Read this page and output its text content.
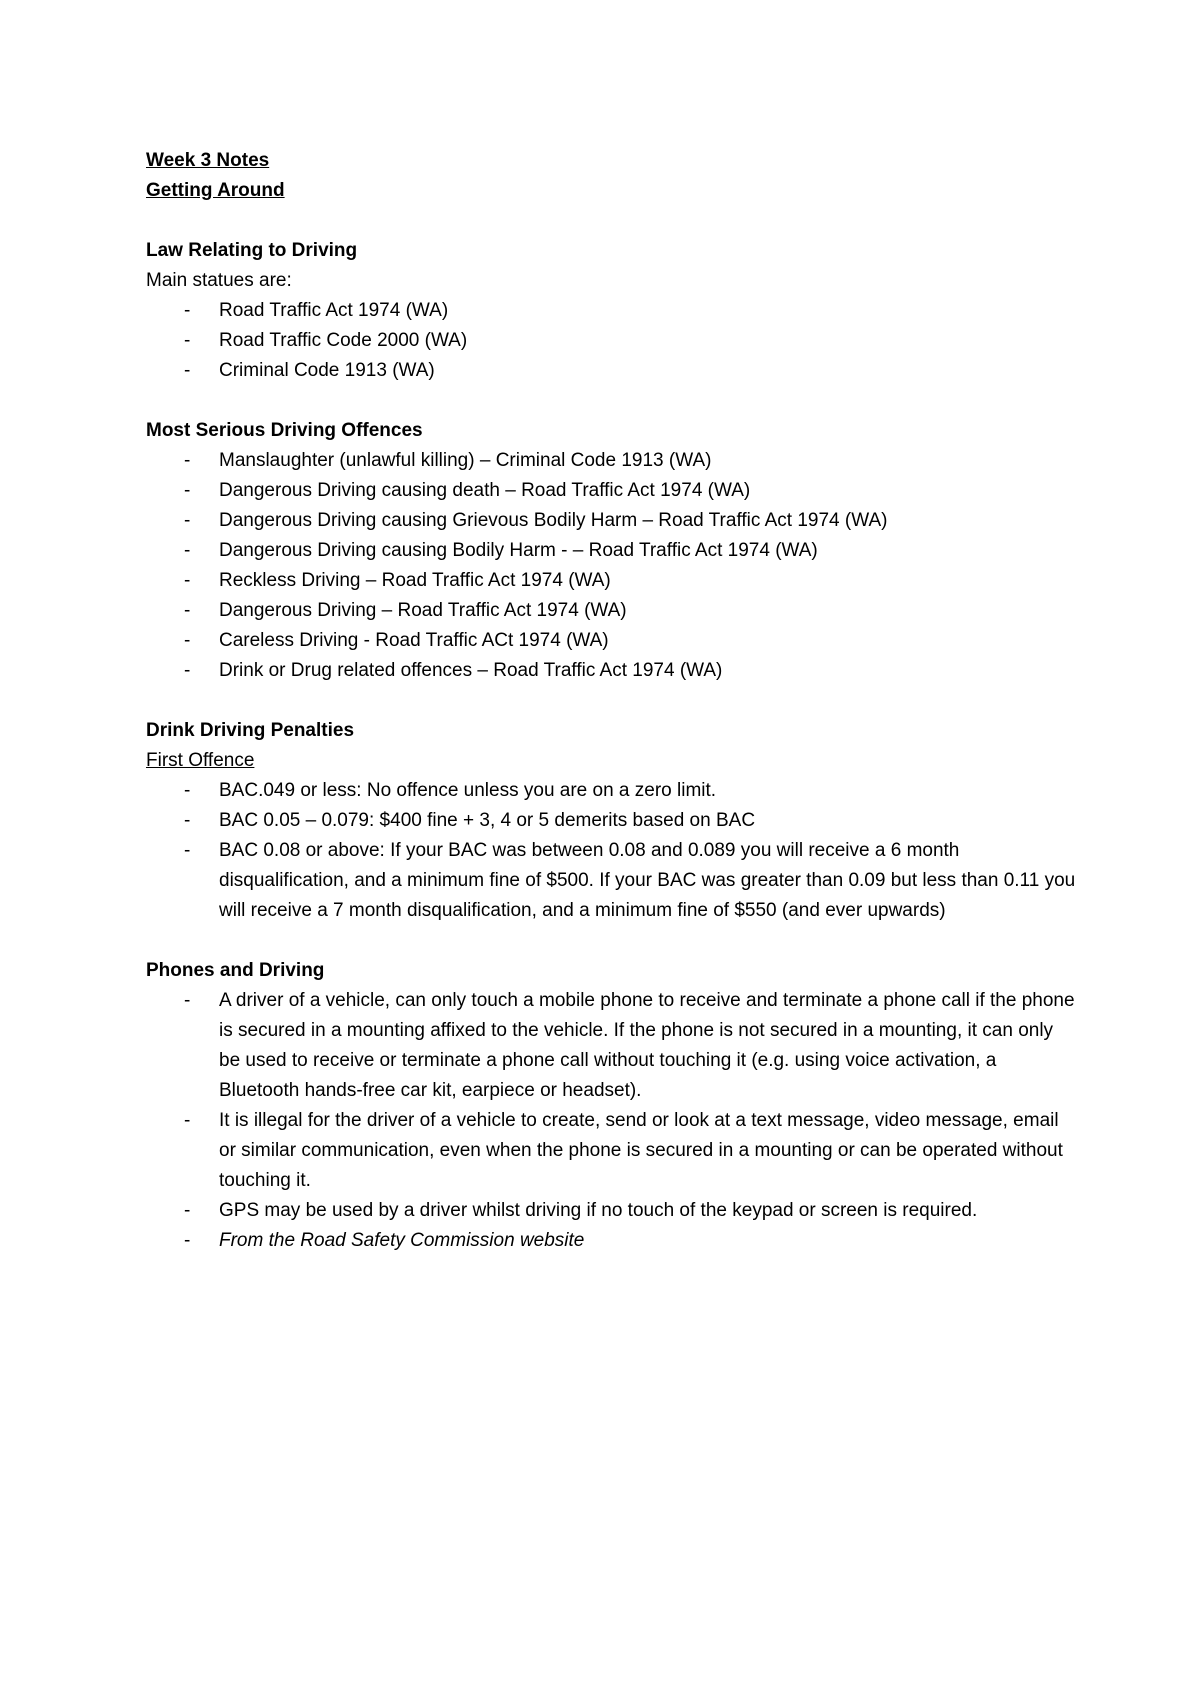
Week 3 Notes
Getting Around
Law Relating to Driving
Main statues are:
- Road Traffic Act 1974 (WA)
- Road Traffic Code 2000 (WA)
- Criminal Code 1913 (WA)
Most Serious Driving Offences
- Manslaughter (unlawful killing) – Criminal Code 1913 (WA)
- Dangerous Driving causing death – Road Traffic Act 1974 (WA)
- Dangerous Driving causing Grievous Bodily Harm – Road Traffic Act 1974 (WA)
- Dangerous Driving causing Bodily Harm - – Road Traffic Act 1974 (WA)
- Reckless Driving – Road Traffic Act 1974 (WA)
- Dangerous Driving – Road Traffic Act 1974 (WA)
- Careless Driving - Road Traffic ACt 1974 (WA)
- Drink or Drug related offences – Road Traffic Act 1974 (WA)
Drink Driving Penalties
First Offence
- BAC.049 or less: No offence unless you are on a zero limit.
- BAC 0.05 – 0.079: $400 fine + 3, 4 or 5 demerits based on BAC
- BAC 0.08 or above: If your BAC was between 0.08 and 0.089 you will receive a 6 month disqualification, and a minimum fine of $500. If your BAC was greater than 0.09 but less than 0.11 you will receive a 7 month disqualification, and a minimum fine of $550 (and ever upwards)
Phones and Driving
- A driver of a vehicle, can only touch a mobile phone to receive and terminate a phone call if the phone is secured in a mounting affixed to the vehicle. If the phone is not secured in a mounting, it can only be used to receive or terminate a phone call without touching it (e.g. using voice activation, a Bluetooth hands-free car kit, earpiece or headset).
- It is illegal for the driver of a vehicle to create, send or look at a text message, video message, email or similar communication, even when the phone is secured in a mounting or can be operated without touching it.
- GPS may be used by a driver whilst driving if no touch of the keypad or screen is required.
- From the Road Safety Commission website
